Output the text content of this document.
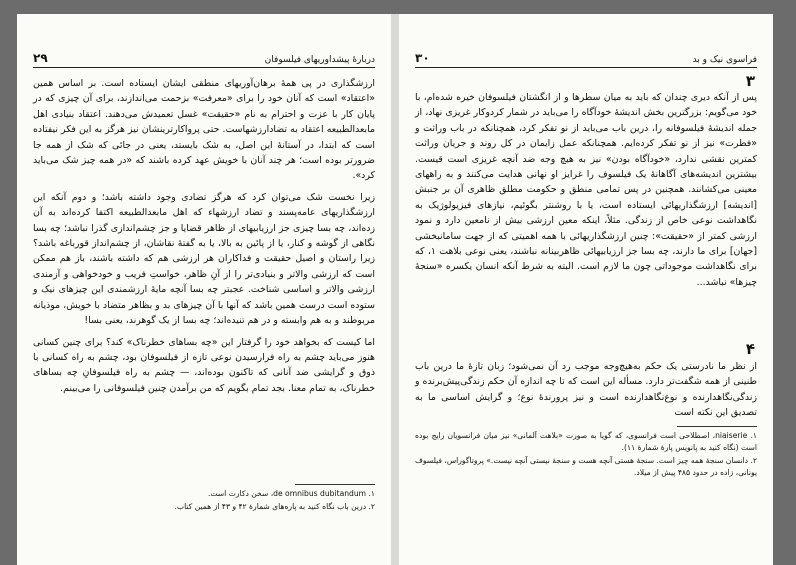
۲۹	دربارهٔ پیشداوریهای فیلسوفان

ارزشگذاری در پی همهٔ برهان‌آوریهای منطقی ایشان ایستاده است. بر اساس همین «اعتقاد» است که آنان خود را برای «معرفت» بزحمت می‌اندازند، برای آن چیزی که در پایان کار با عزت و احترام به نام «حقیقت» غسل تعمیدش می‌دهند. اعتقاد بنیادی اهل مابعدالطبیعه اعتقاد به تضادارزشهاست. حتی پروا‌کارترینشان نیز هرگز به این فکر نیفتاده است که ابتدا، در آستانهٔ این اصل، به شک بایستد، یعنی در جائی که شک از همه جا ضرورتر بوده است؛ هر چند آنان با خویش عهد کرده باشند که «در همه چیز شک می‌باید کرد».

زیرا نخست شک می‌توان کرد که هرگز تضادی وجود داشته باشد؛ و دوم آنکه این ارزشگذاریهای عامه‌پسند و تضاد ارزشهاء که اهل مابعدالطبیعه اکتفا کرده‌اند به آن زده‌اند، چه بسا چیزی جز ارزیابیهای از ظاهر قضایا و جز چشم‌اندازی گذرا نباشد؛ چه بسا نگاهی از گوشه و کنار، یا از پائین به بالا، یا به گفتهٔ نقاشان، از چشم‌انداز قورباغه باشد؟ زیرا راستان و اصیل حقیقت و فداکاران هر ارزشی هم که داشته باشند، باز هم ممکن است که ارزشی والاتر و بنیادی‌تر را از آنِ ظاهر، خواستِ فریب و خودخواهی و آزمندی ارزشی والاتر و اساسی شناخت. عجبتر چه بسا آنچه مایهٔ ارزشمندی این چیزهای نیک و ستوده است درست همین باشد که آنها با آن چیزهای بد و بظاهر متضاد با خویش، موذیانه مربوطند و به هم وابسته و در هم تنیده‌اند؛ چه بسا از یک گوهرند، یعنی بسا!

اما کیست که بخواهد خود را گرفتار این «چه بساهای خطرناک» کند؟ برای چنین کسانی هنوز می‌باید چشم به راه فرارسیدن نوعی تازه از فیلسوفان بود، چشم به راه کسانی با ذوق و گرایشی ضد آنانی که تاکنون بوده‌اند، — چشم به راه فیلسوفانِ چه بساهای خطرناک، به تمام معنا. بجد تمام بگویم که من برآمدن چنین فیلسوفانی را می‌بینم.

۱. de omnibus dubitandum، سخن دکارت است.

۲. درین باب نگاه کنید به پاره‌های شمارهٔ ۴۲ و ۴۳ از همین کتاب.

۳۰	فراسوی نیک و بد
۳

پس از آنکه دیری چندان که باید به میان سطرها و از انگشتان فیلسوفان خیره شده‌ام، با خود می‌گویم: بزرگترین بخش اندیشهٔ خودآگاه را می‌باید در شمار کردوکار غریزی نهاد، از جمله اندیشهٔ فیلسوفانه را، درین باب می‌باید از نو تفکر کرد، همچنانکه در باب وراثت و «فطرت» نیز از نو تفکر کرده‌ایم. همچنانکه عمل زایمان در کل روند و جریان وراثت کمترین نقشی ندارد، «خودآگاه بودن» نیز به هیچ وجه ضد آنچه غریزی است قیست. بیشترین اندیشه‌های آگاهانهٔ یک فیلسوف را غرایز او نهانی هدایت می‌کنند و به راههای معینی می‌کشانند. همچنین در پس تمامی منطق و حکومت مطلق ظاهری آن بر جنبش [اندیشه] ارزشگذاریهائی ایستاده است، یا با روشنتر بگوئیم، نیازهای فیزیولوژیک به نگاهداشت نوعی خاص از زندگی. مثلاً، اینکه معین ارزشی بیش از نامعین دارد و نمود ارزشی کمتر از «حقیقت»: چنین ارزشگذاریهائی با همه اهمیتی که از جهت سامانبخشی [جهان] برای ما دارند، چه بسا جز ارزیابیهائی ظاهربینانه نباشند، یعنی نوعی بلاهت ۱، که برای نگاهداشت موجوداتی چون ما لازم است. البته به شرط آنکه انسان یکسره «سنجهٔ چیزها» نباشد...

۴

از نظر ما نادرستی یک حکم به‌هیچ‌وجه موجب رد آن نمی‌شود؛ زبان تازهٔ ما درین باب طنینی از همه شگفت‌تر دارد. مسأله این است که تا چه اندازه آن حکم زندگی‌پیش‌برنده و زندگی‌نگاهدارنده و نوع‌نگاهدارنده است و نیز پرورندهٔ نوع؛ و گرایش اساسی ما به تصدیق این نکته است

۱. niaiserie، اصطلاحی است فرانسوی، که گویا به صورت «بلاهت آلمانی» نیز میان فرانسویان رایج بوده است (نگاه کنید به پانویس پارهٔ شمارهٔ ۱۱).

۲. دانسان سنجهٔ همه چیز است. سنجهٔ هستی آنچه هست و سنجهٔ نیستی آنچه نیست.» پروتاگوراس، فیلسوف یونانی، زاده در حدود ۴۸۵ پیش از میلاد.
